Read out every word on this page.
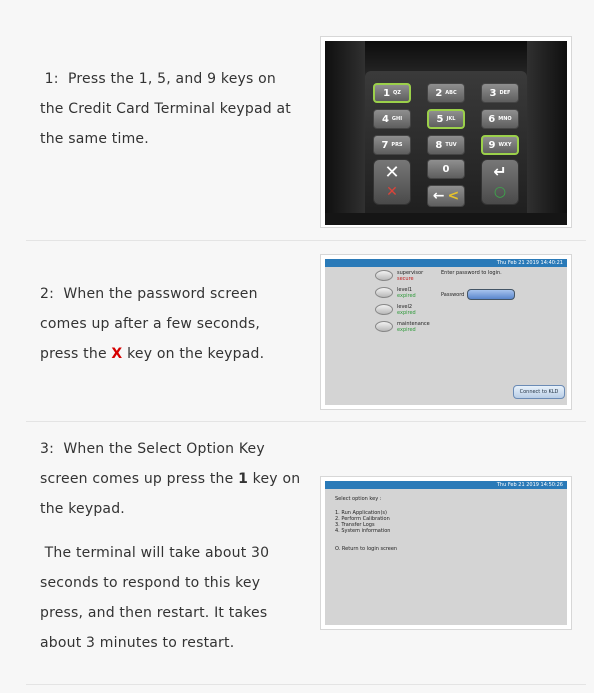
1: Press the 1, 5, and 9 keys on the Credit Card Terminal keypad at the same time.

1 QZ	2 ABC	3 DEF
4 GHI	5 JKL	6 MNO
7 PRS	8 TUV	9 WXY
✕
✕
0
← <
↵
○

2: When the password screen comes up after a few seconds, press the X key on the keypad.

Thu Feb 21 2019 14:40:21
supervisor
secure
level1
expired
level2
expired
maintenance
expired
Enter password to login.
Password
Connect to KLD

3: When the Select Option Key screen comes up press the 1 key on the keypad.

The terminal will take about 30 seconds to respond to this key press, and then restart. It takes about 3 minutes to restart.

Thu Feb 21 2019 14:50:26
Select option key :
1. Run Application(s)
2. Perform Calibration
3. Transfer Logs
4. System information
O. Return to login screen
